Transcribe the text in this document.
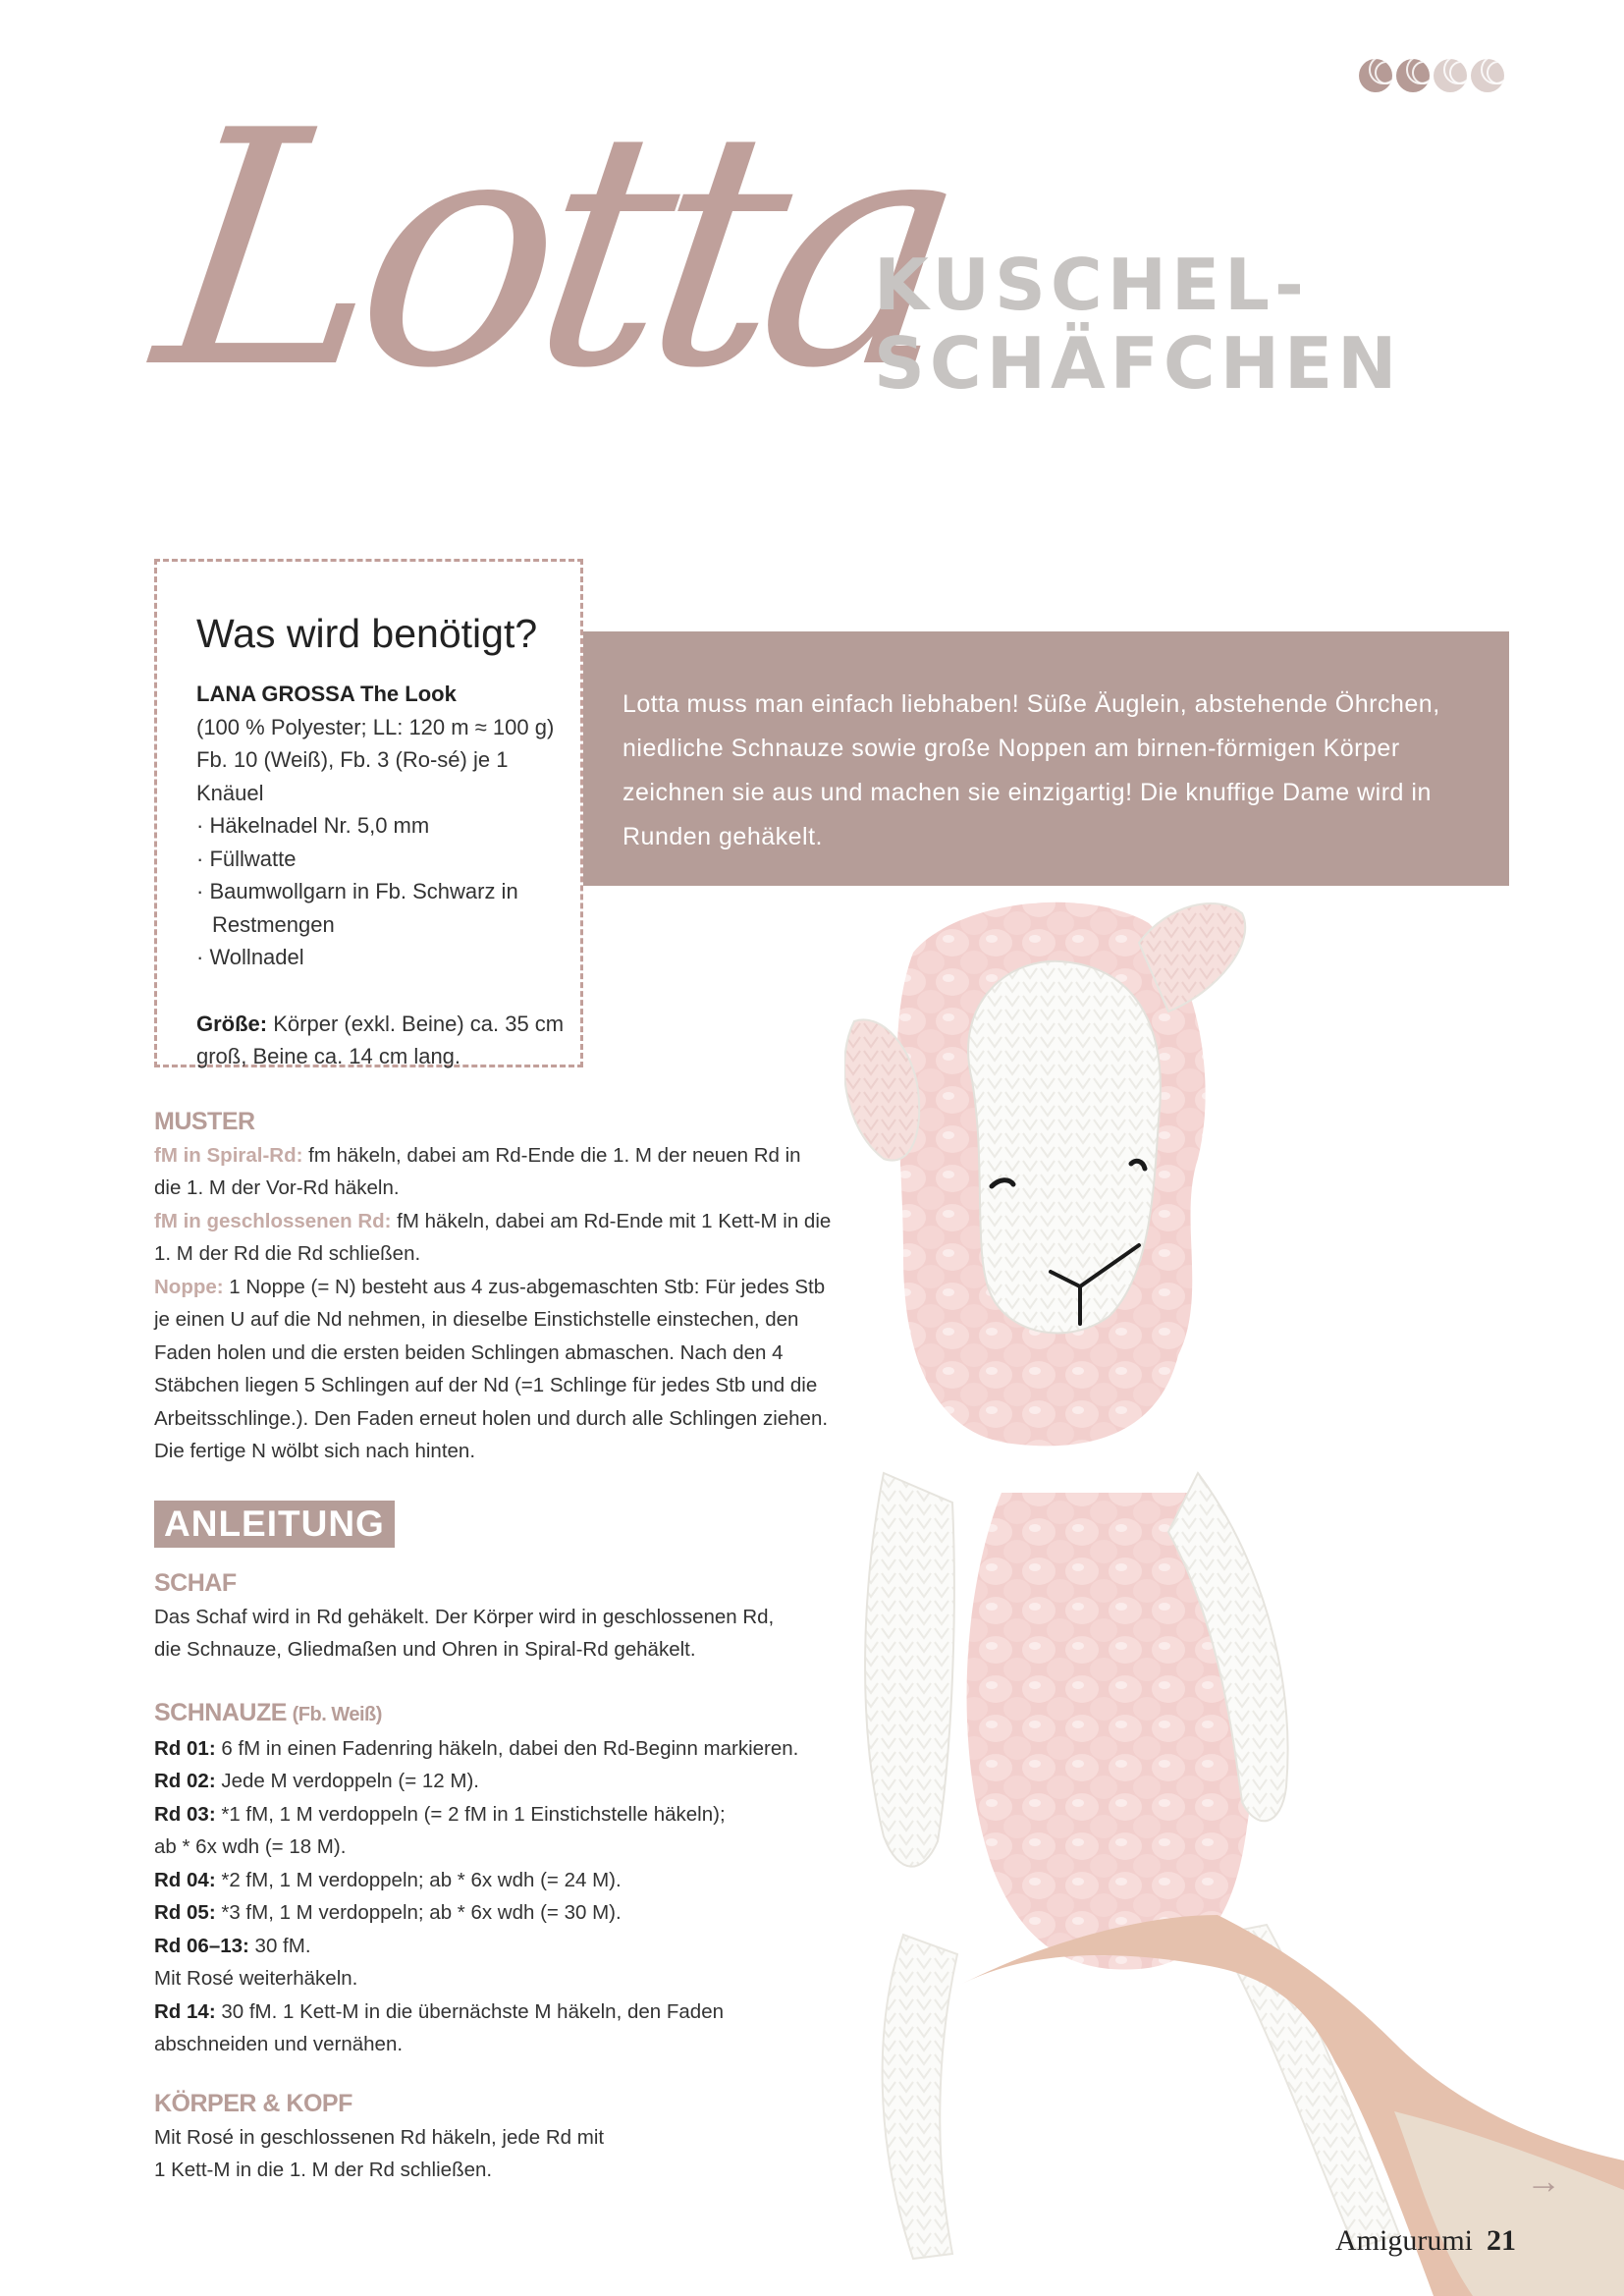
Lotta
KUSCHEL-
SCHÄFCHEN
Was wird benötigt?
LANA GROSSA The Look
(100 % Polyester; LL: 120 m ≈ 100 g)
Fb. 10 (Weiß), Fb. 3 (Ro-sé) je 1 Knäuel
· Häkelnadel Nr. 5,0 mm
· Füllwatte
· Baumwollgarn in Fb. Schwarz in Restmengen
· Wollnadel
Größe: Körper (exkl. Beine) ca. 35 cm groß, Beine ca. 14 cm lang.
Lotta muss man einfach liebhaben! Süße Äuglein, abstehende Öhrchen, niedliche Schnauze sowie große Noppen am birnen-förmigen Körper zeichnen sie aus und machen sie einzigartig! Die knuffige Dame wird in Runden gehäkelt.
MUSTER
fM in Spiral-Rd: fm häkeln, dabei am Rd-Ende die 1. M der neuen Rd in die 1. M der Vor-Rd häkeln.
fM in geschlossenen Rd: fM häkeln, dabei am Rd-Ende mit 1 Kett-M in die 1. M der Rd die Rd schließen.
Noppe: 1 Noppe (= N) besteht aus 4 zus-abgemaschten Stb: Für jedes Stb je einen U auf die Nd nehmen, in dieselbe Einstichstelle einstechen, den Faden holen und die ersten beiden Schlingen abmaschen. Nach den 4 Stäbchen liegen 5 Schlingen auf der Nd (=1 Schlinge für jedes Stb und die Arbeitsschlinge.). Den Faden erneut holen und durch alle Schlingen ziehen. Die fertige N wölbt sich nach hinten.
ANLEITUNG
SCHAF
Das Schaf wird in Rd gehäkelt. Der Körper wird in geschlossenen Rd, die Schnauze, Gliedmaßen und Ohren in Spiral-Rd gehäkelt.
SCHNAUZE (Fb. Weiß)
Rd 01: 6 fM in einen Fadenring häkeln, dabei den Rd-Beginn markieren.
Rd 02: Jede M verdoppeln (= 12 M).
Rd 03: *1 fM, 1 M verdoppeln (= 2 fM in 1 Einstichstelle häkeln); ab * 6x wdh (= 18 M).
Rd 04: *2 fM, 1 M verdoppeln; ab * 6x wdh (= 24 M).
Rd 05: *3 fM, 1 M verdoppeln; ab * 6x wdh (= 30 M).
Rd 06–13: 30 fM.
Mit Rosé weiterhäkeln.
Rd 14: 30 fM. 1 Kett-M in die übernächste M häkeln, den Faden abschneiden und vernähen.
KÖRPER & KOPF
Mit Rosé in geschlossenen Rd häkeln, jede Rd mit 1 Kett-M in die 1. M der Rd schließen.	→
Amigurumi 21
